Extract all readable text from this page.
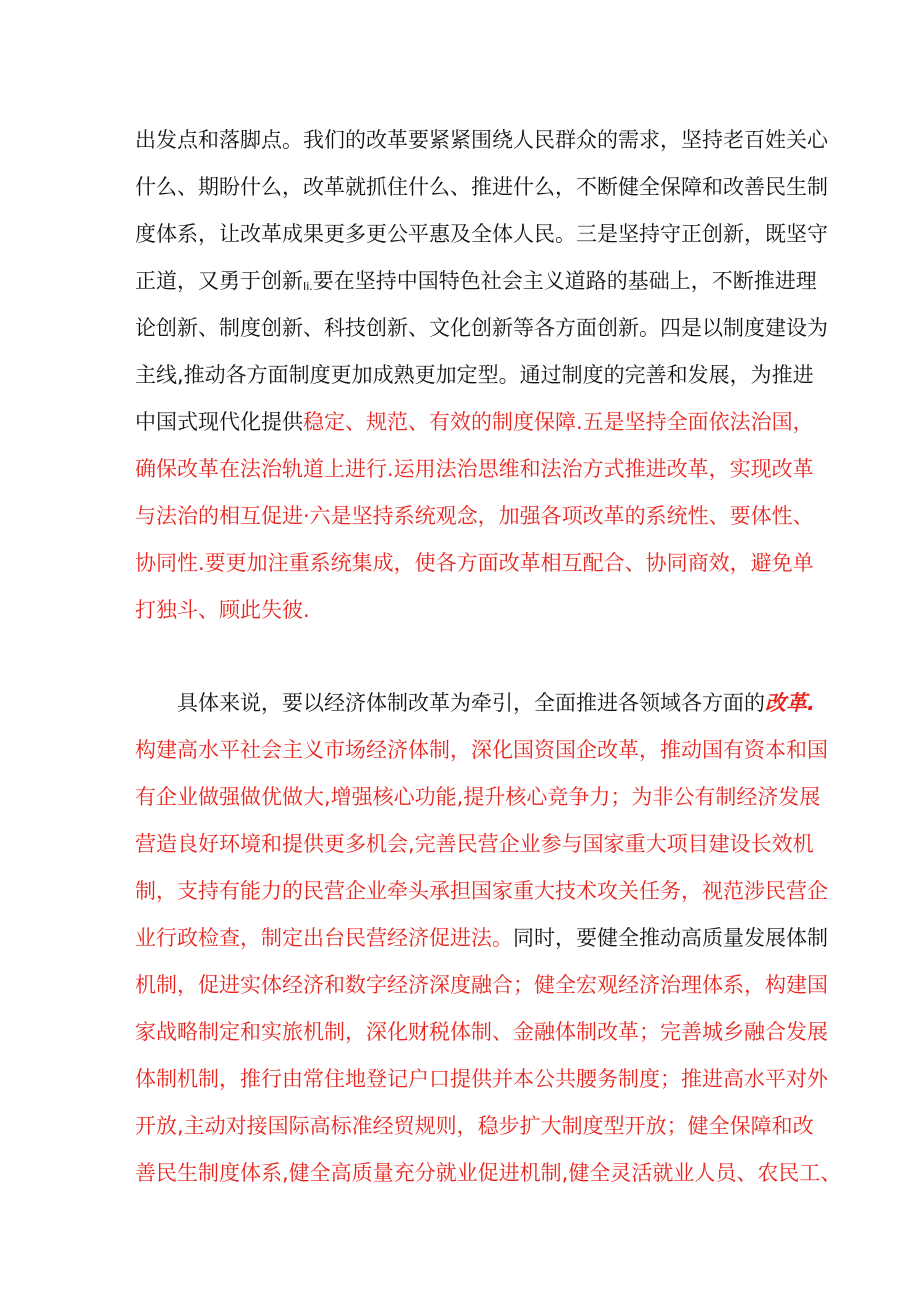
出发点和落脚点。我们的改革要紧紧围绕人民群众的需求，坚持老百姓关心
什么、期盼什么，改革就抓住什么、推进什么，不断健全保障和改善民生制
度体系，让改革成果更多更公平惠及全体人民。三是坚持守正创新，既坚守
正道，又勇于创新Ii.要在坚持中国特色社会主义道路的基础上，不断推进理
论创新、制度创新、科技创新、文化创新等各方面创新。四是以制度建设为
主线,推动各方面制度更加成熟更加定型。通过制度的完善和发展，为推进
中国式现代化提供稳定、规范、有效的制度保障.五是坚持全面依法治国，
确保改革在法治轨道上进行.运用法治思维和法治方式推进改革，实现改革
与法治的相互促进·六是坚持系统观念，加强各项改革的系统性、要体性、
协同性.要更加注重系统集成，使各方面改革相互配合、协同商效，避免单
打独斗、顾此失彼.
具体来说，要以经济体制改革为牵引，全面推进各领域各方面的改革.
构建高水平社会主义市场经济体制，深化国资国企改革，推动国有资本和国
有企业做强做优做大,增强核心功能,提升核心竞争力；为非公有制经济发展
营造良好环境和提供更多机会,完善民营企业参与国家重大项目建设长效机
制，支持有能力的民营企业牵头承担国家重大技术攻关任务，视范涉民营企
业行政检查，制定出台民营经济促进法。同时，要健全推动高质量发展体制
机制，促进实体经济和数字经济深度融合；健全宏观经济治理体系，构建国
家战略制定和实旅机制，深化财税体制、金融体制改革；完善城乡融合发展
体制机制，推行由常住地登记户口提供并本公共腰务制度；推进高水平对外
开放,主动对接国际高标准经贸规则，稳步扩大制度型开放；健全保障和改
善民生制度体系,健全高质量充分就业促进机制,健全灵活就业人员、农民工、
